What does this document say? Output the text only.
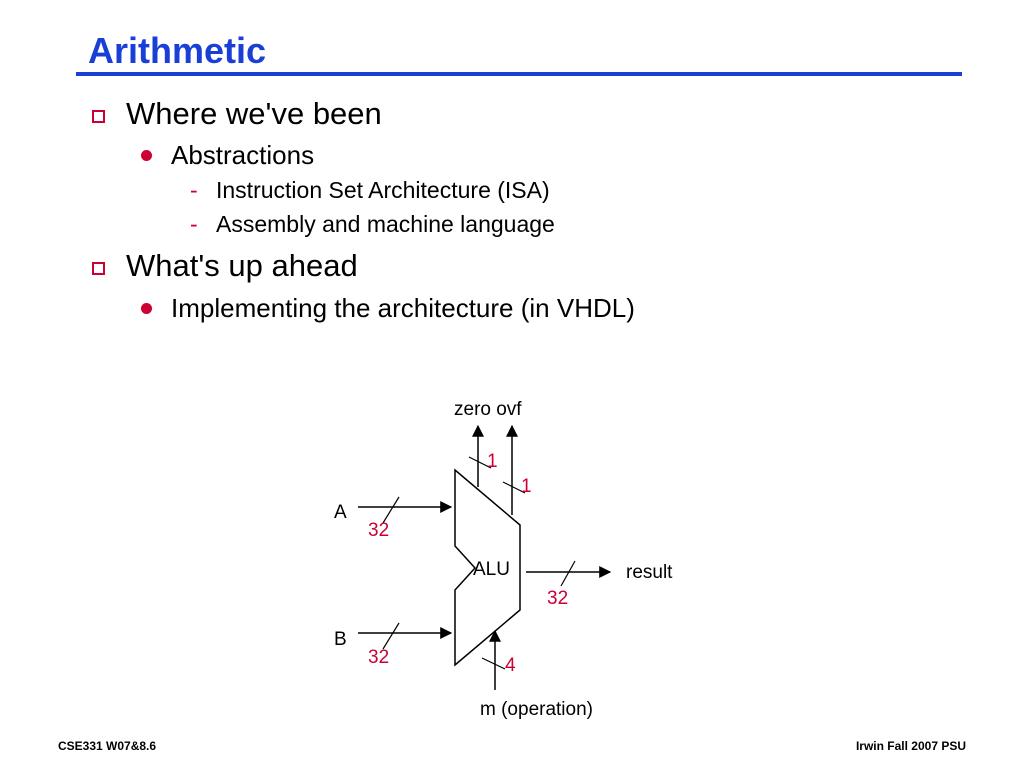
Arithmetic
Where we've been
Abstractions
- Instruction Set Architecture (ISA)
- Assembly and machine language
What's up ahead
Implementing the architecture (in VHDL)
ALU
A
32
B
32
result
32
1
1
zero ovf
4
m (operation)
CSE331 W07&8.6	Irwin Fall 2007 PSU
